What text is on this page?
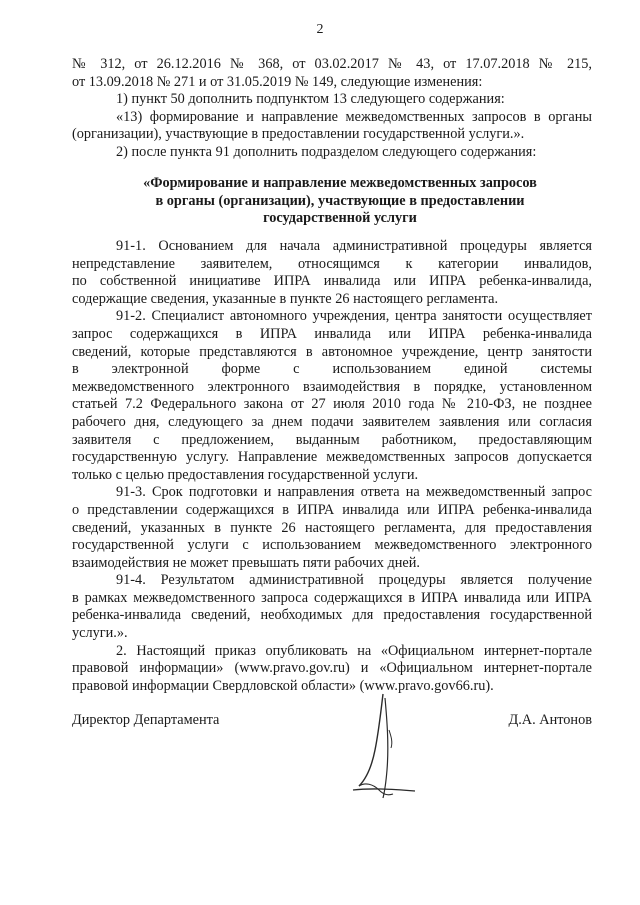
2
№ 312, от 26.12.2016 № 368, от 03.02.2017 № 43, от 17.07.2018 № 215,
от 13.09.2018 № 271 и от 31.05.2019 № 149, следующие изменения:
1) пункт 50 дополнить подпунктом 13 следующего содержания:
«13) формирование и направление межведомственных запросов в органы
(организации), участвующие в предоставлении государственной услуги.».
2) после пункта 91 дополнить подразделом следующего содержания:
«Формирование и направление межведомственных запросов
в органы (организации), участвующие в предоставлении
государственной услуги
91-1. Основанием для начала административной процедуры является
непредставление заявителем, относящимся к категории инвалидов,
по собственной инициативе ИПРА инвалида или ИПРА ребенка-инвалида,
содержащие сведения, указанные в пункте 26 настоящего регламента.
91-2. Специалист автономного учреждения, центра занятости осуществляет
запрос содержащихся в ИПРА инвалида или ИПРА ребенка-инвалида
сведений, которые представляются в автономное учреждение, центр занятости
в электронной форме с использованием единой системы
межведомственного электронного взаимодействия в порядке, установленном
статьей 7.2 Федерального закона от 27 июля 2010 года № 210-ФЗ, не позднее
рабочего дня, следующего за днем подачи заявителем заявления или согласия
заявителя с предложением, выданным работником, предоставляющим
государственную услугу. Направление межведомственных запросов допускается
только с целью предоставления государственной услуги.
91-3. Срок подготовки и направления ответа на межведомственный запрос
о представлении содержащихся в ИПРА инвалида или ИПРА ребенка-инвалида
сведений, указанных в пункте 26 настоящего регламента, для предоставления
государственной услуги с использованием межведомственного электронного
взаимодействия не может превышать пяти рабочих дней.
91-4. Результатом административной процедуры является получение
в рамках межведомственного запроса содержащихся в ИПРА инвалида или ИПРА
ребенка-инвалида сведений, необходимых для предоставления государственной
услуги.».
2. Настоящий приказ опубликовать на «Официальном интернет-портале
правовой информации» (www.pravo.gov.ru) и «Официальном интернет-портале
правовой информации Свердловской области» (www.pravo.gov66.ru).
Директор Департамента	Д.А. Антонов
